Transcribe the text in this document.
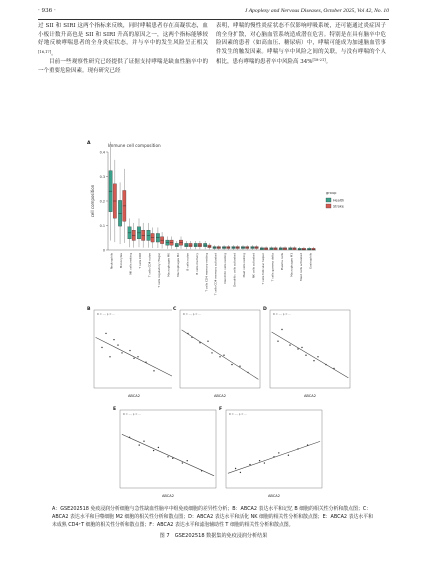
· 936 ·	J Apoplexy and Nervous Diseases, October 2025, Vol 42, No. 10

过 SII 和 SIRI 这两个指标来反映，同时哮喘患者存在高凝状态，血小板计数升高也是 SII 和 SIRI 升高的原因之一，这两个指标能够较好地反映哮喘患者的全身炎症状态，并与卒中的发生风险呈正相关[16,17]。

目前一些观察性研究已经提供了证据支持哮喘是缺血性脑卒中的一个重要危险因素。现有研究已经

表明，哮喘的慢性炎症状态不仅影响呼吸系统，还可能通过炎症因子的全身扩散，对心脑血管系统造成潜在危害。特别是在具有脑卒中危险因素的患者（如高血压、糖尿病）中，哮喘可能成为加速脑血管事件发生的触发因素。哮喘与卒中风险之间的关联，与没有哮喘的个人相比，患有哮喘的患者卒中风险高 34%[18-21]。

Immune cell composition
cell composition
0
0.1
0.2
0.3
0.4
Neutrophils Monocytes NK cells resting T cells CD8 T cells CD4 naive T cells regulatory (Tregs) Macrophages M0 Macrophages M2 B cells naive B cells memory T cells CD4 memory resting T cells CD4 memory activated Dendritic cells resting Dendritic cells activated Mast cells resting NK cells activated T cells follicular helper T cells gamma delta Plasma cells Macrophages M1 Mast cells activated Eosinophils
group
Health
Stroke
A
B
R = ..., p = ...
ABCA2
C
R = ..., p = ...
ABCA2
D
R = ..., p = ...
ABCA2
E
R = ..., p = ...
ABCA2
F
R = ..., p = ...
ABCA2
A：GSE202518 免疫浸润分析细胞与急性缺血性脑卒中组免疫细胞的差异性分析；B：ABCA2 表达水平和记忆 B 细胞的相关性分析和散点图；C：ABCA2 表达水平和巨噬细胞 M2 细胞的相关性分析和散点图；D：ABCA2 表达水平和活化 NK 细胞的相关性分析和散点图；E：ABCA2 表达水平和未成熟 CD4⁺T 细胞的相关性分析和散点图；F：ABCA2 表达水平和滤泡辅助性 T 细胞的相关性分析和散点图。
图 7　GSE202518 数据集的免疫浸润分析结果
